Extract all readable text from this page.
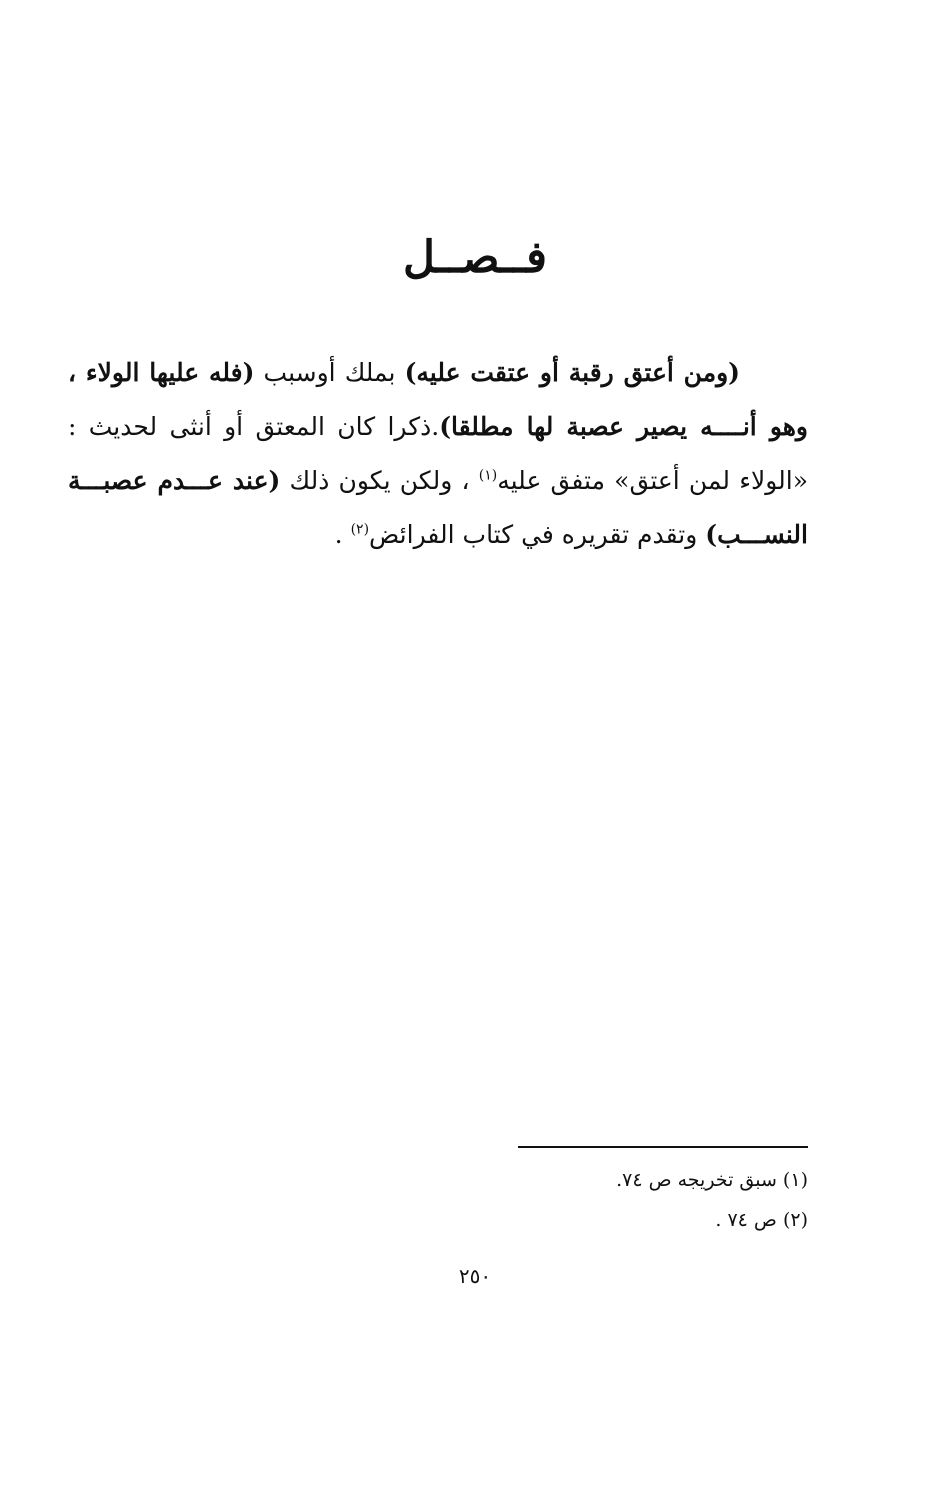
فــصــل

(ومن أعتق رقبة أو عتقت عليه) بملك أوسبب (فله عليها الولاء ، وهو أنــــه يصير عصبة لها مطلقا).ذكرا كان المعتق أو أنثى لحديث : «الولاء لمن أعتق» متفق عليه$^{(١)}$ ، ولكن يكون ذلك (عند عـــدم عصبـــة النســـب) وتقدم تقريره في كتاب الفرائض$^{(٢)}$ .

(١) سبق تخريجه ص ٧٤.
(٢) ص ٧٤ .
٢٥٠
